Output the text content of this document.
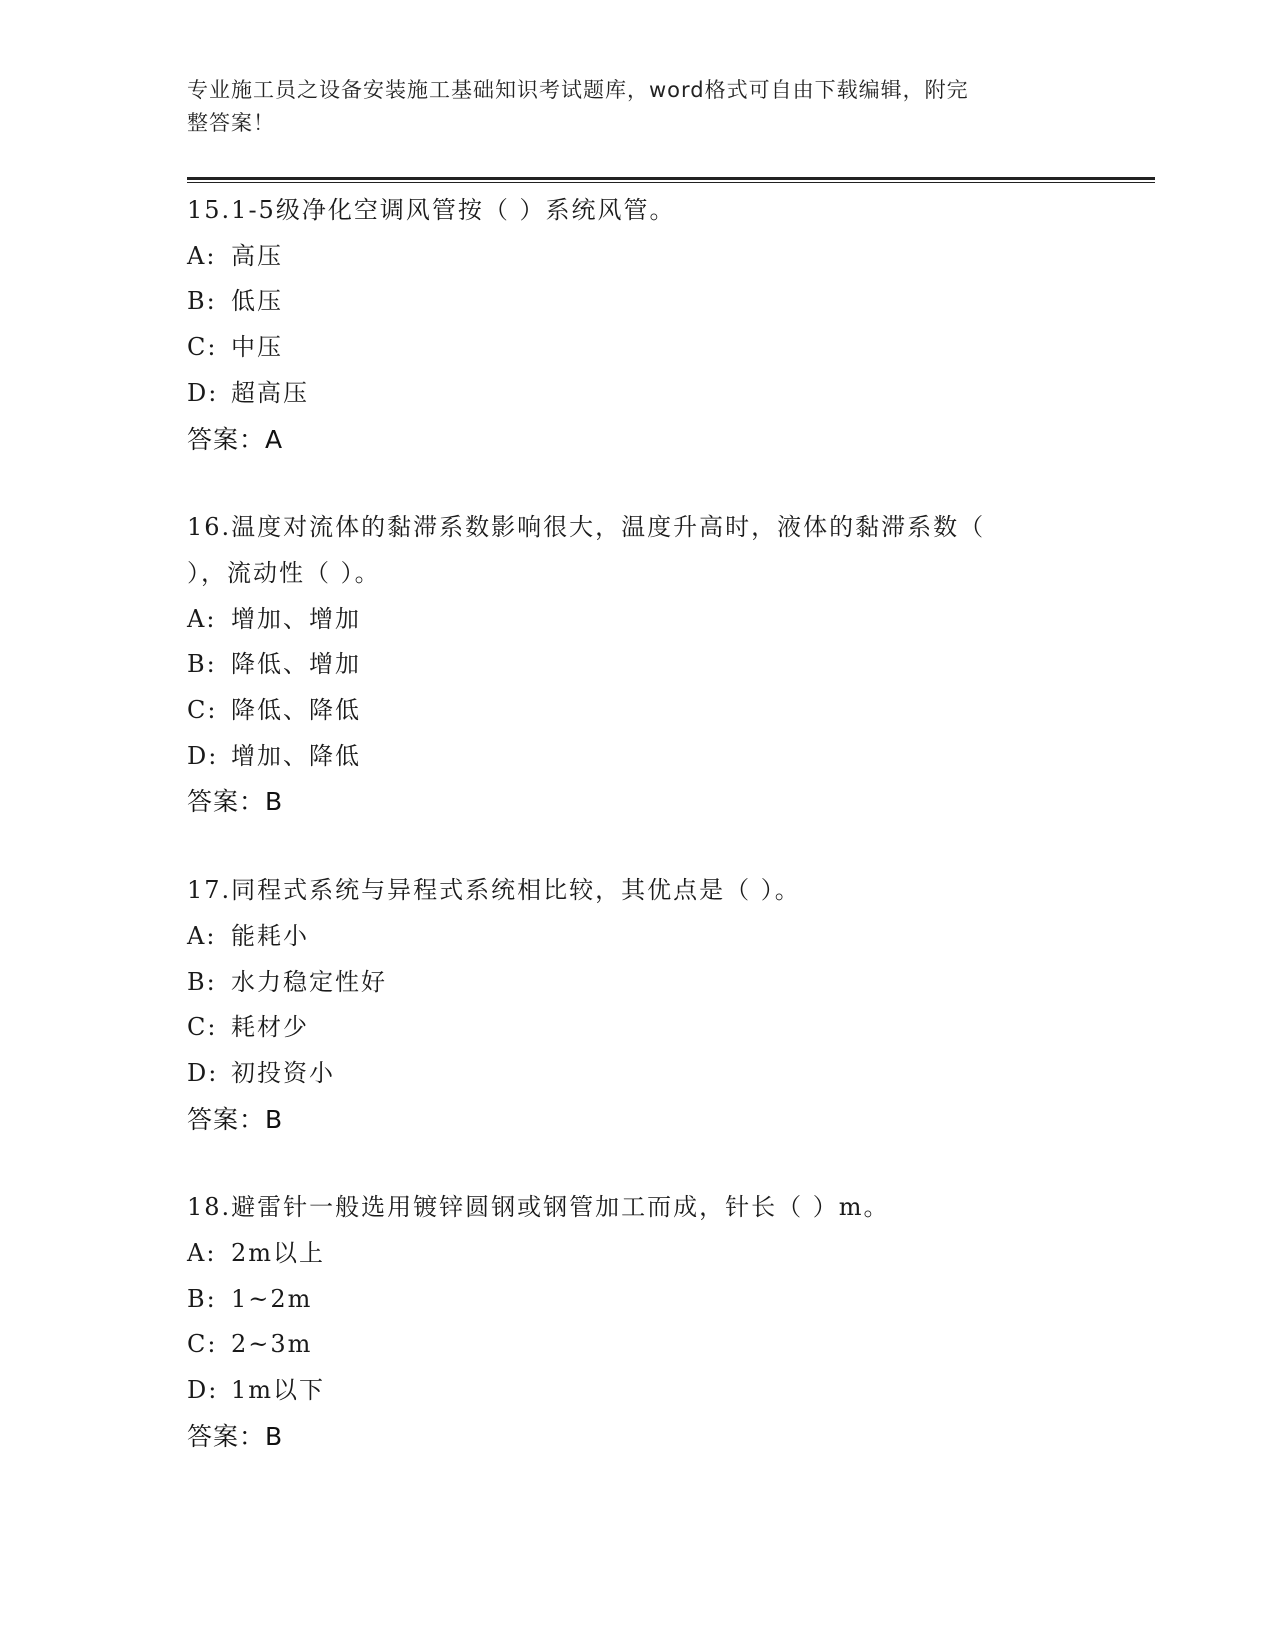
专业施工员之设备安装施工基础知识考试题库，word格式可自由下载编辑，附完
整答案！
15.1-5级净化空调风管按（ ）系统风管。
A: 高压
B: 低压
C: 中压
D: 超高压
答案：A
16.温度对流体的黏滞系数影响很大，温度升高时，液体的黏滞系数（
），流动性（ ）。
A: 增加、增加
B: 降低、增加
C: 降低、降低
D: 增加、降低
答案：B
17.同程式系统与异程式系统相比较，其优点是（ ）。
A: 能耗小
B: 水力稳定性好
C: 耗材少
D: 初投资小
答案：B
18.避雷针一般选用镀锌圆钢或钢管加工而成，针长（ ）m。
A: 2m以上
B: 1~2m
C: 2~3m
D: 1m以下
答案：B
